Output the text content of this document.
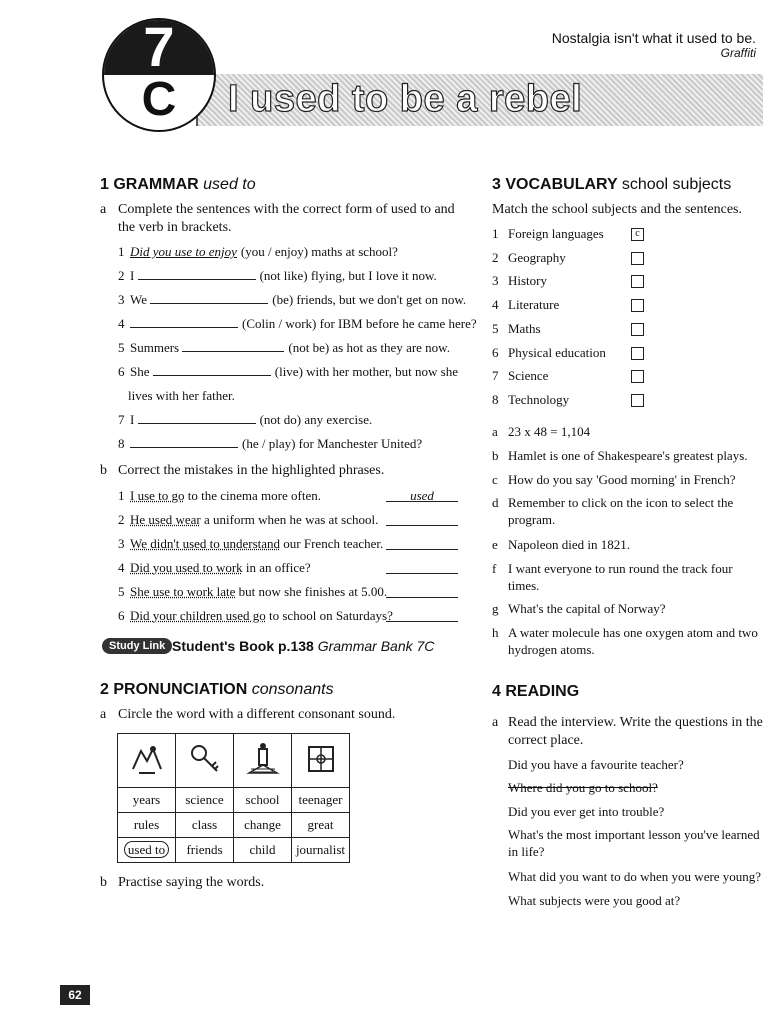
7
C	I used to be a rebel
Nostalgia isn't what it used to be.
Graffiti
1 GRAMMAR used to
a Complete the sentences with the correct form of used to and the verb in brackets.
1 Did you use to enjoy (you / enjoy) maths at school?
2 I	(not like) flying, but I love it now.
3 We	(be) friends, but we don't get on now.
4	(Colin / work) for IBM before he came here?
5 Summers	(not be) as hot as they are now.
6 She	(live) with her mother, but now she
lives with her father.
7 I	(not do) any exercise.
8	(he / play) for Manchester United?
b Correct the mistakes in the highlighted phrases.
1 I use to go to the cinema more often.	used
2 He used wear a uniform when he was at school.
3 We didn't used to understand our French teacher.
4 Did you used to work in an office?
5 She use to work late but now she finishes at 5.00.
6 Did your children used go to school on Saturdays?
Study Link Student's Book p.138 Grammar Bank 7C
2 PRONUNCIATION consonants
a Circle the word with a different consonant sound.

years	science	school	teenager
rules	class	change	great
used to	friends	child	journalist
b Practise saying the words.
3 VOCABULARY school subjects
Match the school subjects and the sentences.
1 Foreign languages	c
2 Geography
3 History
4 Literature
5 Maths
6 Physical education
7 Science
8 Technology
a 23 x 48 = 1,104
b Hamlet is one of Shakespeare's greatest plays.
c How do you say 'Good morning' in French?
d Remember to click on the icon to select the program.
e Napoleon died in 1821.
f I want everyone to run round the track four times.
g What's the capital of Norway?
h A water molecule has one oxygen atom and two hydrogen atoms.
4 READING
a Read the interview. Write the questions in the correct place.
Did you have a favourite teacher?
Where did you go to school?
Did you ever get into trouble?
What's the most important lesson you've learned in life?
What did you want to do when you were young?
What subjects were you good at?
62
